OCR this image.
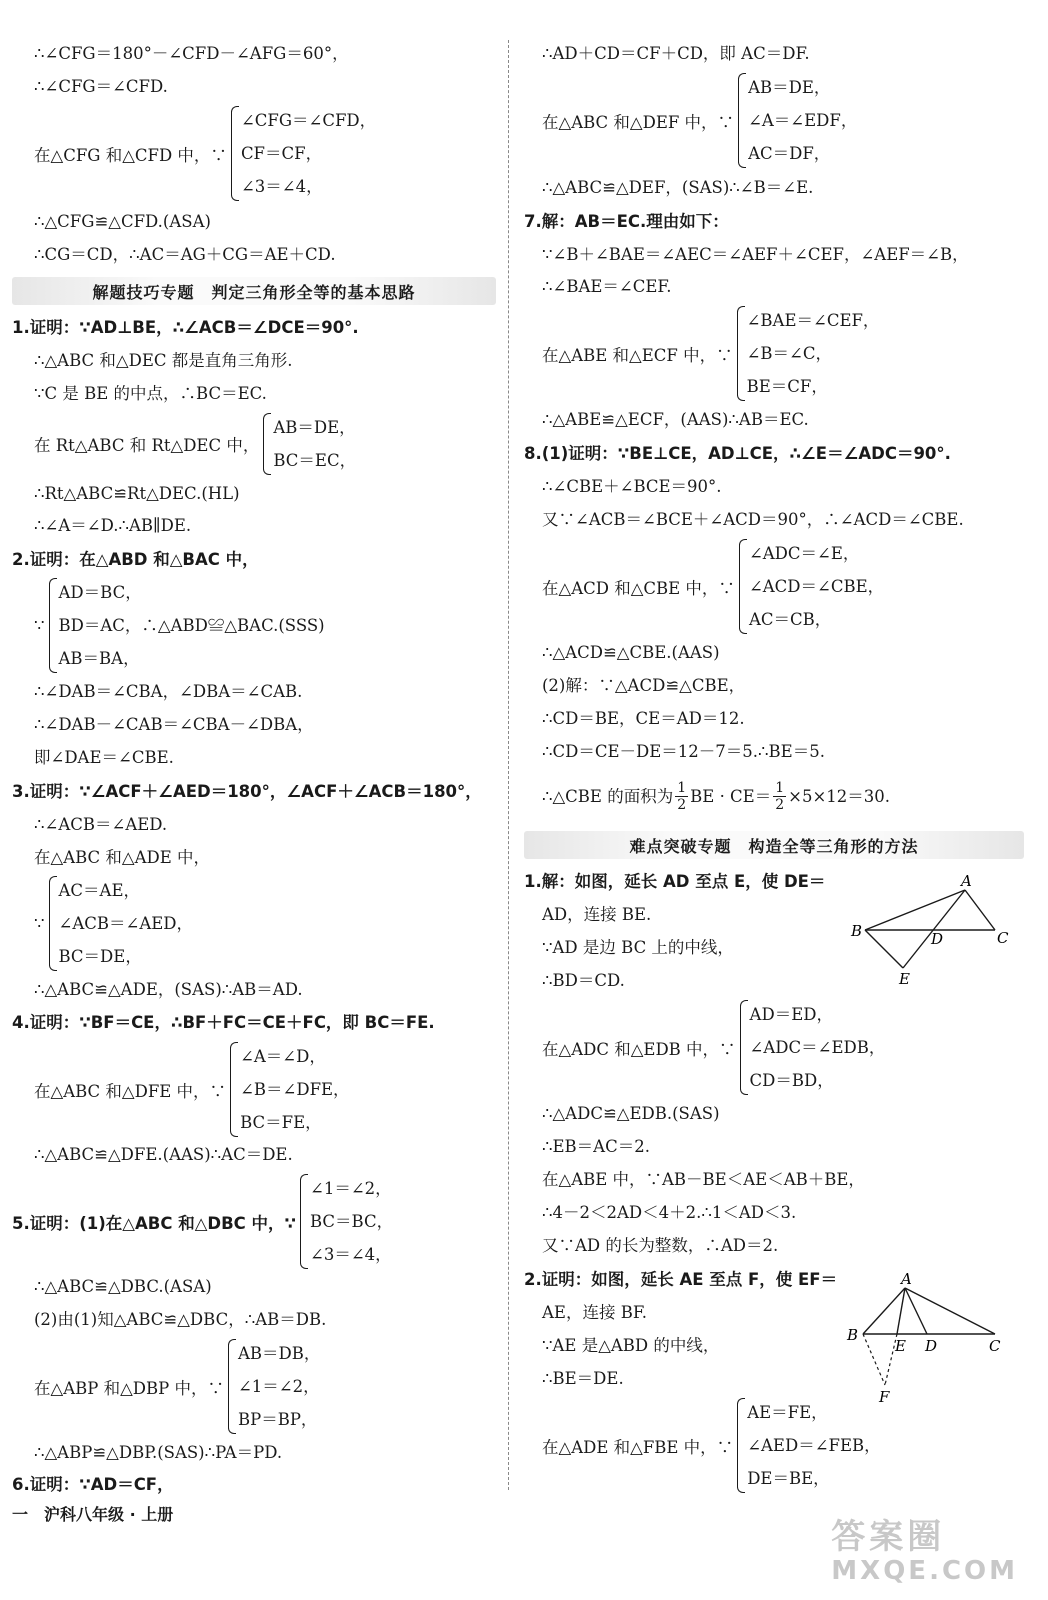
∴∠CFG＝180°－∠CFD－∠AFG＝60°，
∴∠CFG＝∠CFD.
在△CFG 和△CFD 中，∵
∠CFG＝∠CFD，
CF＝CF，
∠3＝∠4，
∴△CFG≌△CFD.(ASA)
∴CG＝CD，∴AC＝AG＋CG＝AE＋CD.
解题技巧专题　判定三角形全等的基本思路
1.证明：∵AD⊥BE，∴∠ACB＝∠DCE＝90°.
∴△ABC 和△DEC 都是直角三角形.
∵C 是 BE 的中点，∴BC＝EC.
在 Rt△ABC 和 Rt△DEC 中，
AB＝DE，
BC＝EC，
∴Rt△ABC≌Rt△DEC.(HL)
∴∠A＝∠D.∴AB∥DE.
2.证明：在△ABD 和△BAC 中，
∵
AD＝BC，
BD＝AC，∴△ABD≌△BAC.(SSS)
AB＝BA，
∴∠DAB＝∠CBA，∠DBA＝∠CAB.
∴∠DAB－∠CAB＝∠CBA－∠DBA，
即∠DAE＝∠CBE.
3.证明：∵∠ACF＋∠AED＝180°，∠ACF＋∠ACB＝180°，
∴∠ACB＝∠AED.
在△ABC 和△ADE 中，
∵
AC＝AE，
∠ACB＝∠AED，
BC＝DE，
∴△ABC≌△ADE，(SAS)∴AB＝AD.
4.证明：∵BF＝CE，∴BF＋FC＝CE＋FC，即 BC＝FE.
在△ABC 和△DFE 中，∵
∠A＝∠D，
∠B＝∠DFE，
BC＝FE，
∴△ABC≌△DFE.(AAS)∴AC＝DE.
5.证明：(1)在△ABC 和△DBC 中，∵
∠1＝∠2，
BC＝BC，
∠3＝∠4，
∴△ABC≌△DBC.(ASA)
(2)由(1)知△ABC≌△DBC，∴AB＝DB.
在△ABP 和△DBP 中，∵
AB＝DB，
∠1＝∠2，
BP＝BP，
∴△ABP≌△DBP.(SAS)∴PA＝PD.
6.证明：∵AD＝CF，
∴AD＋CD＝CF＋CD，即 AC＝DF.
在△ABC 和△DEF 中，∵
AB＝DE，
∠A＝∠EDF，
AC＝DF，
∴△ABC≌△DEF，(SAS)∴∠B＝∠E.
7.解：AB＝EC.理由如下：
∵∠B＋∠BAE＝∠AEC＝∠AEF＋∠CEF，∠AEF＝∠B，
∴∠BAE＝∠CEF.
在△ABE 和△ECF 中，∵
∠BAE＝∠CEF，
∠B＝∠C，
BE＝CF，
∴△ABE≌△ECF，(AAS)∴AB＝EC.
8.(1)证明：∵BE⊥CE，AD⊥CE，∴∠E＝∠ADC＝90°.
∴∠CBE＋∠BCE＝90°.
又∵∠ACB＝∠BCE＋∠ACD＝90°，∴∠ACD＝∠CBE.
在△ACD 和△CBE 中，∵
∠ADC＝∠E，
∠ACD＝∠CBE，
AC＝CB，
∴△ACD≌△CBE.(AAS)
(2)解：∵△ACD≌△CBE，
∴CD＝BE，CE＝AD＝12.
∴CD＝CE－DE＝12－7＝5.∴BE＝5.
∴△CBE 的面积为 $\frac{1}{2}$ BE · $CE= \frac{1}{2} \times 5\times 12=30$.
难点突破专题　构造全等三角形的方法
1.解：如图，延长 AD 至点 E，使 DE＝
AD，连接 BE.
∵AD 是边 BC 上的中线，
∴BD＝CD.
A
B	C
D
E
在△ADC 和△EDB 中，∵
AD＝ED，
∠ADC＝∠EDB，
CD＝BD，
∴△ADC≌△EDB.(SAS)
∴EB＝AC＝2.
在△ABE 中，∵AB－BE＜AE＜AB＋BE，
∴4－2＜2AD＜4＋2.∴1＜AD＜3.
又∵AD 的长为整数，∴AD＝2.
2.证明：如图，延长 AE 至点 F，使 EF＝
AE，连接 BF.
∵AE 是△ABD 的中线，
∴BE＝DE.
A
B
C
D
E
F
在△ADE 和△FBE 中，∵
AE＝FE，
∠AED＝∠FEB，
DE＝BE，
一　沪科八年级 · 上册
答案圈
MXQE.COM
